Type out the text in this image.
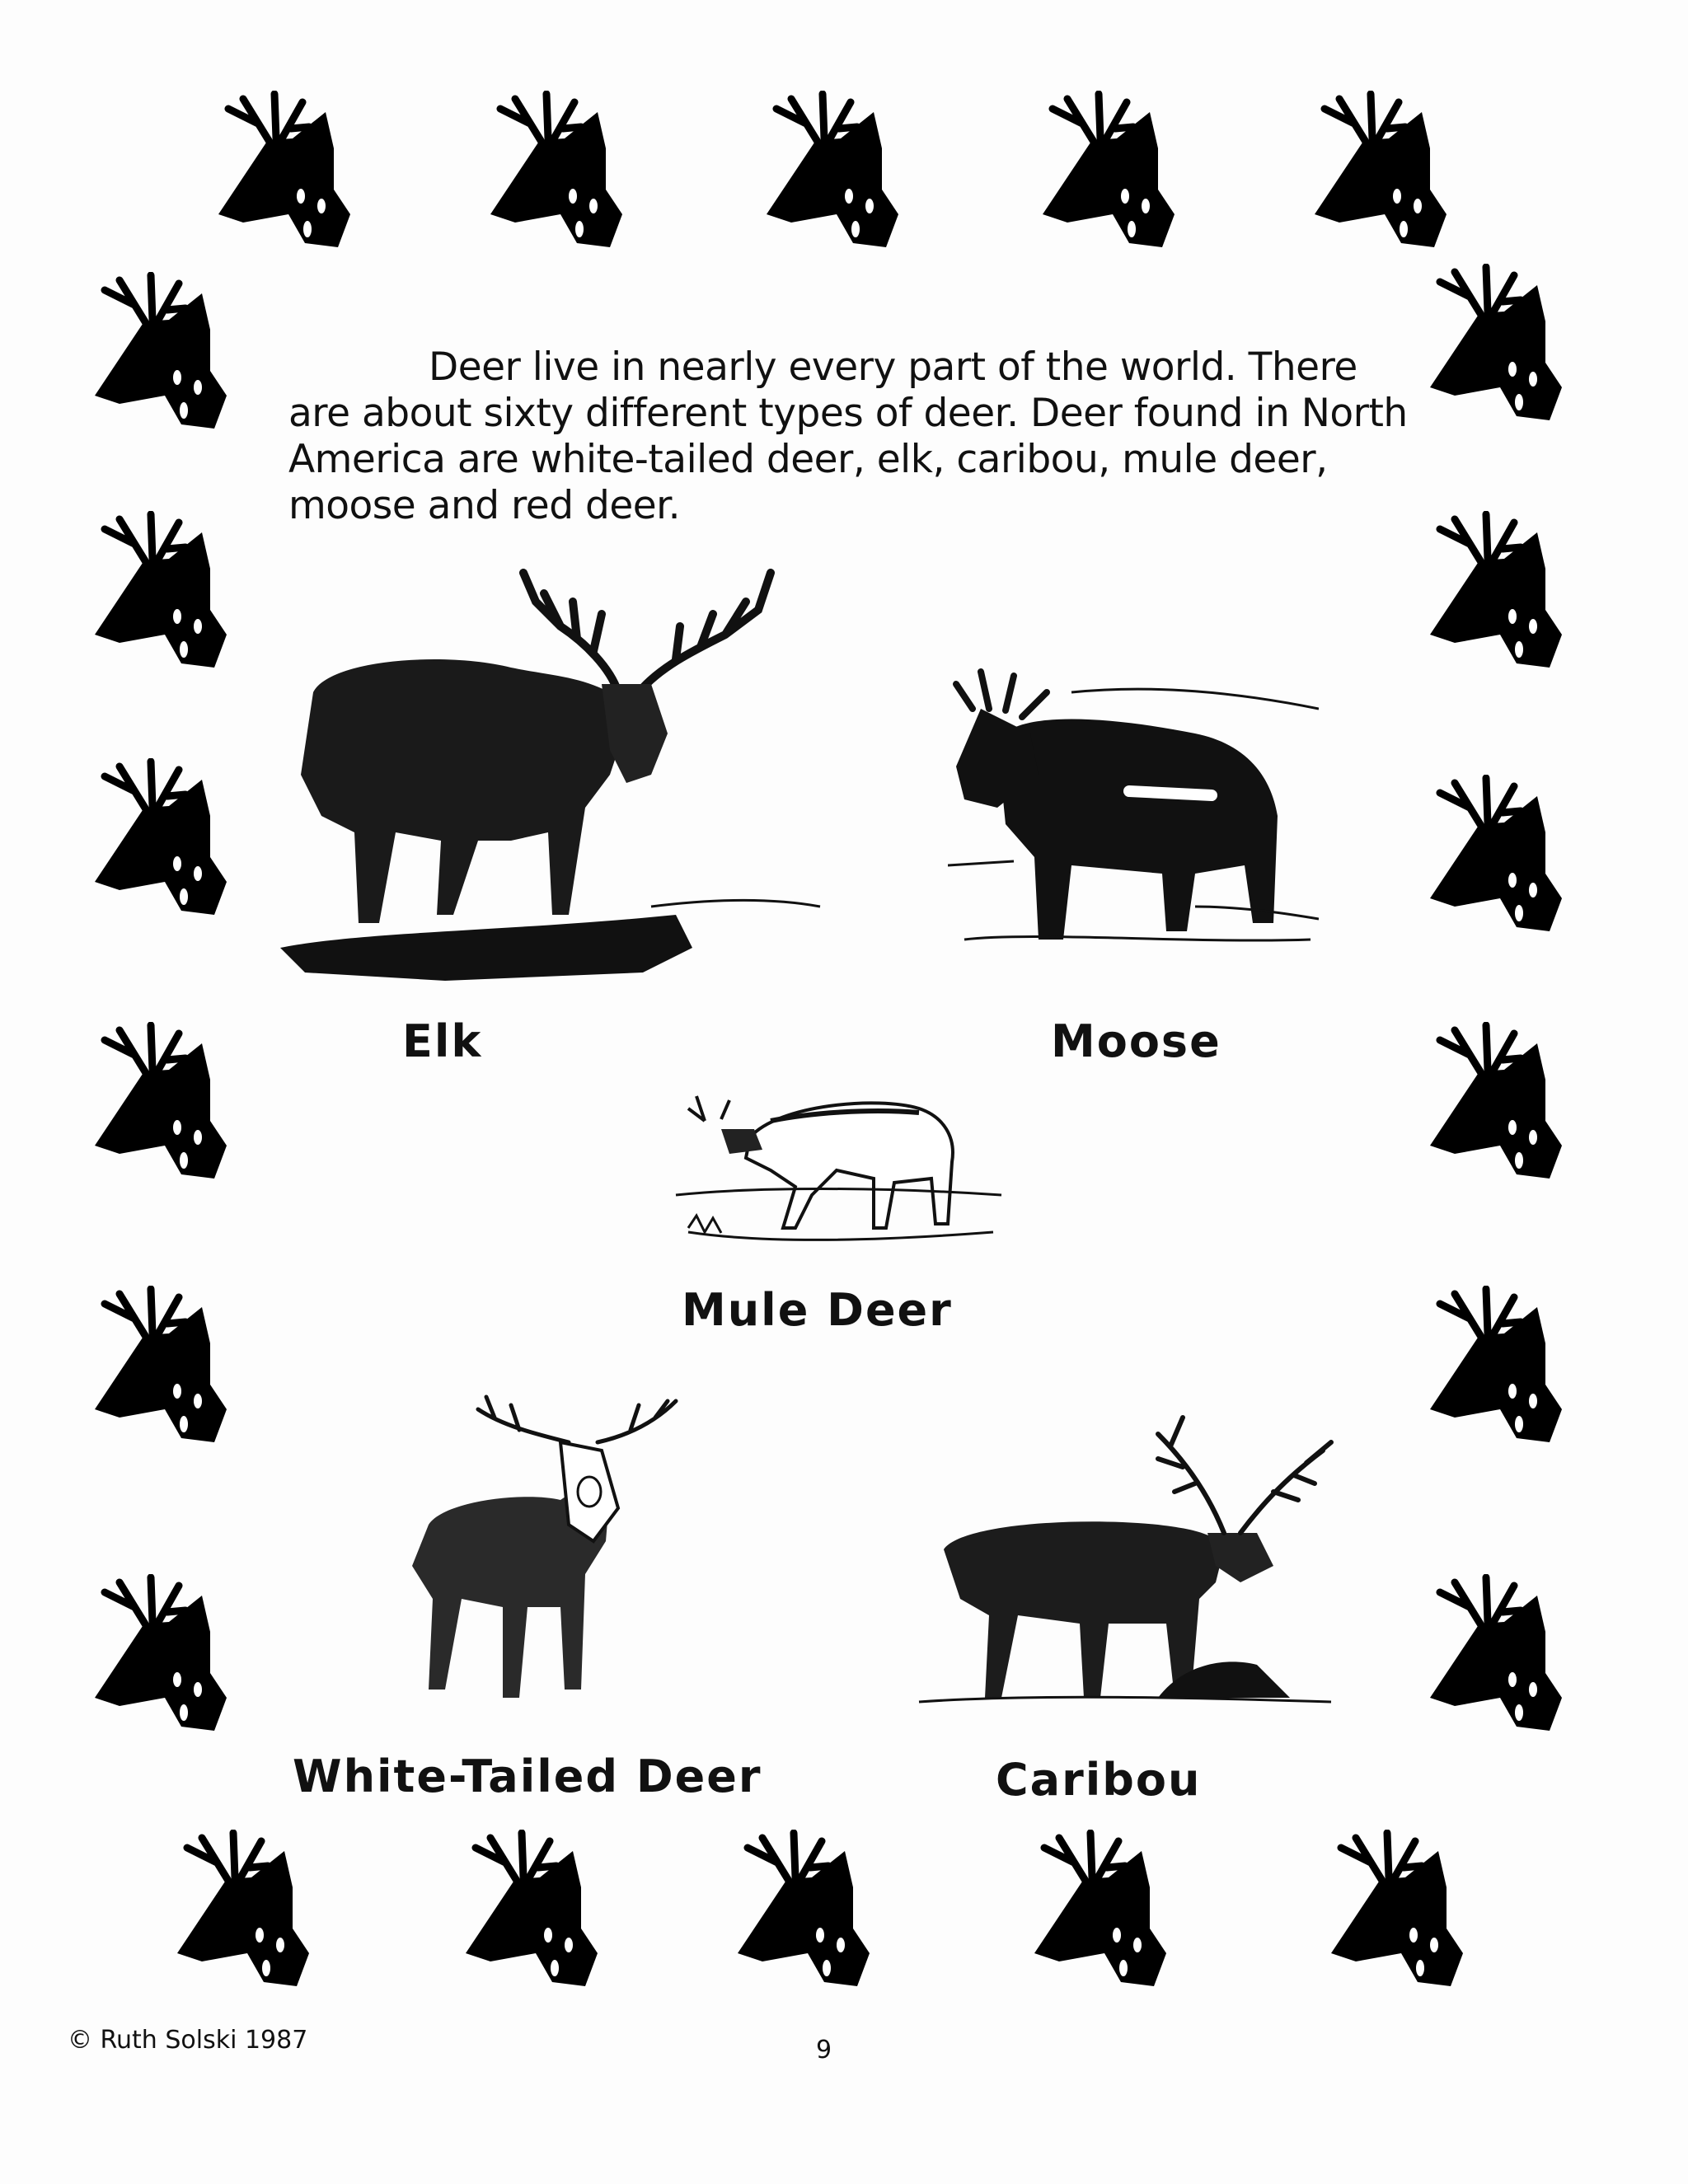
Deer live in nearly every part of the world. There are about sixty different types of deer. Deer found in North America are white-tailed deer, elk, caribou, mule deer, moose and red deer.

Elk	Moose
Mule Deer
White-Tailed Deer	Caribou
© Ruth Solski 1987	9
